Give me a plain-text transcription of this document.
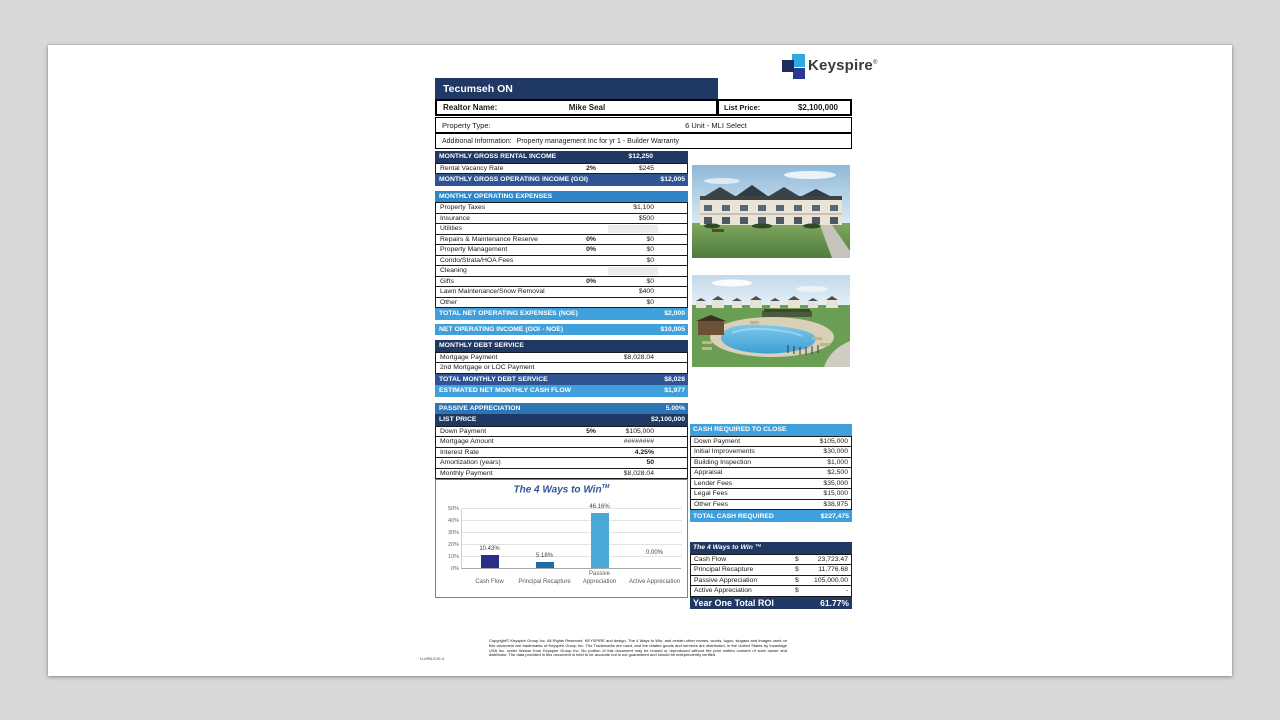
Keyspire®
Tecumseh ON
Realtor Name:	Mike Seal	List Price:	$2,100,000
Property Type:	6 Unit - MLI Select
Additional Information: Property management Inc for yr 1 - Builder Warranty
MONTHLY GROSS RENTAL INCOME	$12,250
Rental Vacancy Rate	2%	$245
MONTHLY GROSS OPERATING INCOME (GOI)	$12,005
MONTHLY OPERATING EXPENSES
Property Taxes	$1,100
Insurance	$500
Utilities
Repairs & Maintenance Reserve	0%	$0
Property Management	0%	$0
Condo/Strata/HOA Fees	$0
Cleaning
Gifts	0%	$0
Lawn Maintenance/Snow Removal	$400
Other	$0
TOTAL NET OPERATING EXPENSES (NOE)	$2,000
NET OPERATING INCOME (GOI - NOE)	$10,005
MONTHLY DEBT SERVICE
Mortgage Payment	$8,028.04
2nd Mortgage or LOC Payment
TOTAL MONTHLY DEBT SERVICE	$8,028
ESTIMATED NET MONTHLY CASH FLOW	$1,977
PASSIVE APPRECIATION	5.00%
LIST PRICE	$2,100,000
Down Payment	5%	$105,000
Mortgage Amount	########
Interest Rate	4.25%
Amortization (years)	50
Monthly Payment	$8,028.04
The 4 Ways to Win™
0%
10%
20%
30%
40%
50%
10.43%
Cash Flow
5.18%
Principal Recapture
46.16%
Passive Appreciation
0.00%
Active Appreciation
CASH REQUIRED TO CLOSE
Down Payment	$105,000
Initial Improvements	$30,000
Building Inspection	$1,000
Appraisal	$2,500
Lender Fees	$35,000
Legal Fees	$15,000
Other Fees	$38,975
TOTAL CASH REQUIRED	$227,475
The 4 Ways to Win ™
Cash Flow	$	23,723.47
Principal Recapture	$	11,776.68
Passive Appreciation	$ 105,000.00
Active Appreciation	$	-
Year One Total ROI	61.77%
Copyright© Keyspire Group Inc. All Rights Reserved. KEYSPIRE and design, The 4 Ways to Win, and certain other names, words, logos, slogans and images used on this document are trademarks of Keyspire Group Inc. The Trademarks are used, and the related goods and services are distributed, in the United States by Invantage USA Inc. under license from Keyspire Group Inc. No portion of this document may be reused or reproduced without the prior written consent of such owner and distributor. The data provided in this document is held to be accurate but is not guaranteed and should be independently verified.
U-eRB-E19-3
